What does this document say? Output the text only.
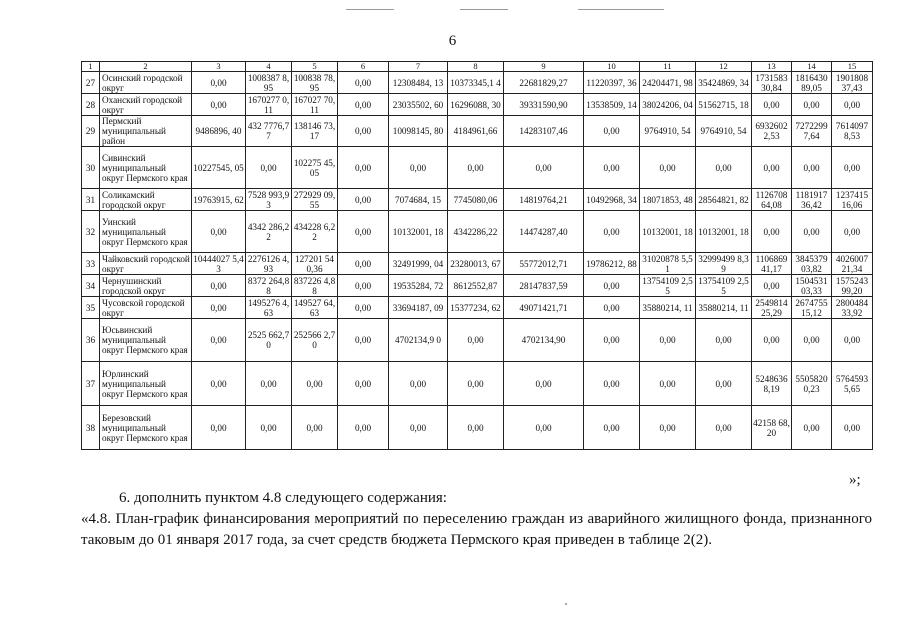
6
1	2	3	4	5	6	7	8	9	10	11	12	13	14	15
27	Осинский городской округ	0,00	1008387 8,95	100838 78,95	0,00	12308484, 13	10373345,1 4	22681829,27	11220397, 36	24204471, 98	35424869, 34	1731583 30,84	1816430 89,05	1901808 37,43
28	Оханский городской округ	0,00	1670277 0,11	167027 70,11	0,00	23035502, 60	16296088, 30	39331590,90	13538509, 14	38024206, 04	51562715, 18	0,00	0,00	0,00
29	Пермский муниципальный район	9486896, 40	432 7776,77	138146 73,17	0,00	10098145, 80	4184961,66	14283107,46	0,00	9764910, 54	9764910, 54	6932602 2,53	7272299 7,64	7614097 8,53
30	Сивинский муниципальный округ Пермского края	10227545, 05	0,00	102275 45,05	0,00	0,00	0,00	0,00	0,00	0,00	0,00	0,00	0,00	0,00
31	Соликамский городской округ	19763915, 62	7528 993,93	272929 09,55	0,00	7074684, 15	7745080,06	14819764,21	10492968, 34	18071853, 48	28564821, 82	1126708 64,08	1181917 36,42	1237415 16,06
32	Уинский муниципальный округ Пермского края	0,00	4342 286,22	434228 6,22	0,00	10132001, 18	4342286,22	14474287,40	0,00	10132001, 18	10132001, 18	0,00	0,00	0,00
33	Чайковский городской округ	10444027 5,43	2276126 4,93	127201 540,36	0,00	32491999, 04	23280013, 67	55772012,71	19786212, 88	31020878 5,51	32999499 8,39	1106869 41,17	3845379 03,82	4026007 21,34
34	Чернушинский городской округ	0,00	8372 264,88	837226 4,88	0,00	19535284, 72	8612552,87	28147837,59	0,00	13754109 2,55	13754109 2,55	0,00	1504531 03,33	1575243 99,20
35	Чусовской городской округ	0,00	1495276 4,63	149527 64,63	0,00	33694187, 09	15377234, 62	49071421,71	0,00	35880214, 11	35880214, 11	2549814 25,29	2674755 15,12	2800484 33,92
36	Юсьвинский муниципальный округ Пермского края	0,00	2525 662,70	252566 2,70	0,00	4702134,9 0	0,00	4702134,90	0,00	0,00	0,00	0,00	0,00	0,00
37	Юрлинский муниципальный округ Пермского края	0,00	0,00	0,00	0,00	0,00	0,00	0,00	0,00	0,00	0,00	5248636 8,19	5505820 0,23	5764593 5,65
38	Березовский муниципальный округ Пермского края	0,00	0,00	0,00	0,00	0,00	0,00	0,00	0,00	0,00	0,00	42158 68,20	0,00	0,00
»;
6. дополнить пунктом 4.8 следующего содержания:
«4.8. План-график финансирования мероприятий по переселению граждан из аварийного жилищного фонда, признанного таковым до 01 января 2017 года, за счет средств бюджета Пермского края приведен в таблице 2(2).
